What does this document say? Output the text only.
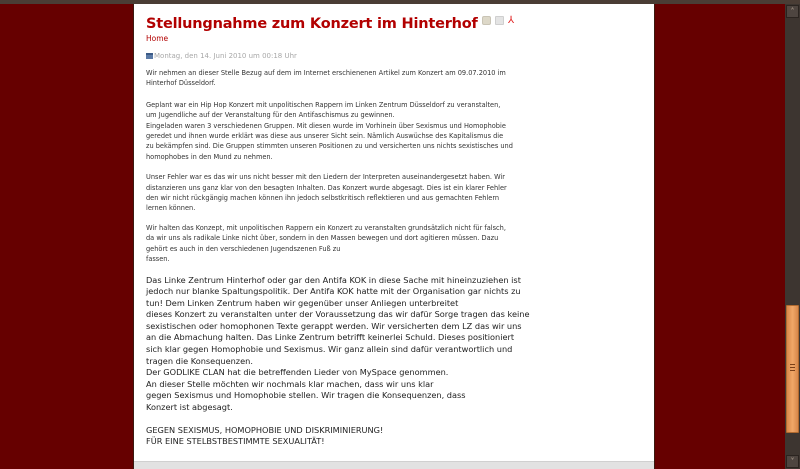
Stellungnahme zum Konzert im Hinterhof	⅄
Home
Montag, den 14. Juni 2010 um 00:18 Uhr

Wir nehmen an dieser Stelle Bezug auf dem im Internet erschienenen Artikel zum Konzert am 09.07.2010 im
Hinterhof Düsseldorf.

Geplant war ein Hip Hop Konzert mit unpolitischen Rappern im Linken Zentrum Düsseldorf zu veranstalten,
um Jugendliche auf der Veranstaltung für den Antifaschismus zu gewinnen.
Eingeladen waren 3 verschiedenen Gruppen. Mit diesen wurde im Vorhinein über Sexismus und Homophobie
geredet und ihnen wurde erklärt was diese aus unserer Sicht sein. Nämlich Auswüchse des Kapitalismus die
zu bekämpfen sind. Die Gruppen stimmten unseren Positionen zu und versicherten uns nichts sexistisches und
homophobes in den Mund zu nehmen.

Unser Fehler war es das wir uns nicht besser mit den Liedern der Interpreten auseinandergesetzt haben. Wir
distanzieren uns ganz klar von den besagten Inhalten. Das Konzert wurde abgesagt. Dies ist ein klarer Fehler
den wir nicht rückgängig machen können ihn jedoch selbstkritisch reflektieren und aus gemachten Fehlern
lernen können.

Wir halten das Konzept, mit unpolitischen Rappern ein Konzert zu veranstalten grundsätzlich nicht für falsch,
da wir uns als radikale Linke nicht über, sondern in den Massen bewegen und dort agitieren müssen. Dazu
gehört es auch in den verschiedenen Jugendszenen Fuß zu
fassen.

Das Linke Zentrum Hinterhof oder gar den Antifa KOK in diese Sache mit hineinzuziehen ist
jedoch nur blanke Spaltungspolitik. Der Antifa KOK hatte mit der Organisation gar nichts zu
tun! Dem Linken Zentrum haben wir gegenüber unser Anliegen unterbreitet
dieses Konzert zu veranstalten unter der Voraussetzung das wir dafür Sorge tragen das keine
sexistischen oder homophonen Texte gerappt werden. Wir versicherten dem LZ das wir uns
an die Abmachung halten. Das Linke Zentrum betrifft keinerlei Schuld. Dieses positioniert
sich klar gegen Homophobie und Sexismus. Wir ganz allein sind dafür verantwortlich und
tragen die Konsequenzen.
Der GODLIKE CLAN hat die betreffenden Lieder von MySpace genommen.
An dieser Stelle möchten wir nochmals klar machen, dass wir uns klar
gegen Sexismus und Homophobie stellen. Wir tragen die Konsequenzen, dass
Konzert ist abgesagt.

GEGEN SEXISMUS, HOMOPHOBIE UND DISKRIMINIERUNG!
FÜR EINE STELBSTBESTIMMTE SEXUALITÄT!

˄
˅
